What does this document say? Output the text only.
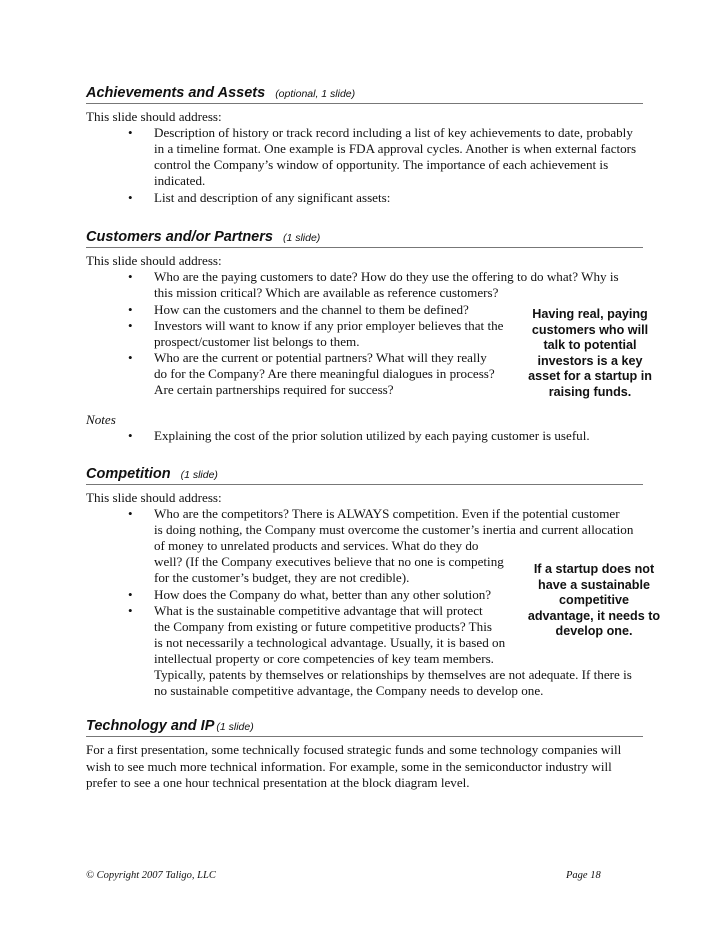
Achievements and Assets (optional, 1 slide)
This slide should address:
• Description of history or track record including a list of key achievements to date, probably
in a timeline format. One example is FDA approval cycles. Another is when external factors
control the Company’s window of opportunity. The importance of each achievement is
indicated.
• List and description of any significant assets:
Customers and/or Partners (1 slide)
This slide should address:
• Who are the paying customers to date? How do they use the offering to do what? Why is
this mission critical? Which are available as reference customers?
• How can the customers and the channel to them be defined?
• Investors will want to know if any prior employer believes that the
prospect/customer list belongs to them.
• Who are the current or potential partners? What will they really
do for the Company? Are there meaningful dialogues in process?
Are certain partnerships required for success?
Having real, paying
customers who will
talk to potential
investors is a key
asset for a startup in
raising funds.
Notes
• Explaining the cost of the prior solution utilized by each paying customer is useful.
Competition (1 slide)
This slide should address:
• Who are the competitors? There is ALWAYS competition. Even if the potential customer
is doing nothing, the Company must overcome the customer’s inertia and current allocation
of money to unrelated products and services. What do they do
well? (If the Company executives believe that no one is competing
for the customer’s budget, they are not credible).
• How does the Company do what, better than any other solution?
• What is the sustainable competitive advantage that will protect
the Company from existing or future competitive products? This
is not necessarily a technological advantage. Usually, it is based on
intellectual property or core competencies of key team members.
Typically, patents by themselves or relationships by themselves are not adequate. If there is
no sustainable competitive advantage, the Company needs to develop one.
If a startup does not
have a sustainable
competitive
advantage, it needs to
develop one.
Technology and IP (1 slide)
For a first presentation, some technically focused strategic funds and some technology companies will
wish to see much more technical information. For example, some in the semiconductor industry will
prefer to see a one hour technical presentation at the block diagram level.
© Copyright 2007 Taligo, LLC	Page 18
